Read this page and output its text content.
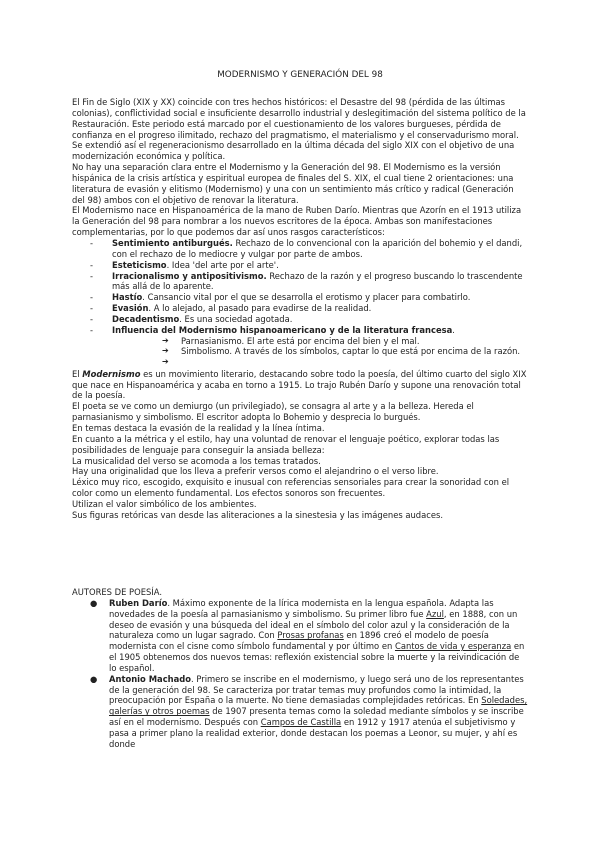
MODERNISMO Y GENERACIÓN DEL 98

El Fin de Siglo (XIX y XX) coincide con tres hechos históricos: el Desastre del 98 (pérdida de las últimas colonias), conflictividad social e insuficiente desarrollo industrial y deslegitimación del sistema político de la Restauración. Este periodo está marcado por el cuestionamiento de los valores burgueses, pérdida de confianza en el progreso ilimitado, rechazo del pragmatismo, el materialismo y el conservadurismo moral.

Se extendió así el regeneracionismo desarrollado en la última década del siglo XIX con el objetivo de una modernización económica y política.

No hay una separación clara entre el Modernismo y la Generación del 98. El Modernismo es la versión hispánica de la crisis artística y espiritual europea de finales del S. XIX, el cual tiene 2 orientaciones: una literatura de evasión y elitismo (Modernismo) y una con un sentimiento más crítico y radical (Generación del 98) ambos con el objetivo de renovar la literatura.

El Modernismo nace en Hispanoamérica de la mano de Ruben Darío. Mientras que Azorín en el 1913 utiliza la Generación del 98 para nombrar a los nuevos escritores de la época. Ambas son manifestaciones complementarias, por lo que podemos dar así unos rasgos característicos:

- Sentimiento antiburgués. Rechazo de lo convencional con la aparición del bohemio y el dandi, con el rechazo de lo mediocre y vulgar por parte de ambos.
- Esteticismo. Idea 'del arte por el arte'.
- Irracionalismo y antipositivismo. Rechazo de la razón y el progreso buscando lo trascendente más allá de lo aparente.
- Hastío. Cansancio vital por el que se desarrolla el erotismo y placer para combatirlo.
- Evasión. A lo alejado, al pasado para evadirse de la realidad.
- Decadentismo. Es una sociedad agotada.
- Influencia del Modernismo hispanoamericano y de la literatura francesa.
➔ Parnasianismo. El arte está por encima del bien y el mal.
➔ Simbolismo. A través de los símbolos, captar lo que está por encima de la razón.
➔

El Modernismo es un movimiento literario, destacando sobre todo la poesía, del último cuarto del siglo XIX que nace en Hispanoamérica y acaba en torno a 1915. Lo trajo Rubén Darío y supone una renovación total de la poesía.

El poeta se ve como un demiurgo (un privilegiado), se consagra al arte y a la belleza. Hereda el parnasianismo y simbolismo. El escritor adopta lo Bohemio y desprecia lo burgués.

En temas destaca la evasión de la realidad y la línea íntima.

En cuanto a la métrica y el estilo, hay una voluntad de renovar el lenguaje poético, explorar todas las posibilidades de lenguaje para conseguir la ansiada belleza:

La musicalidad del verso se acomoda a los temas tratados.

Hay una originalidad que los lleva a preferir versos como el alejandrino o el verso libre.

Léxico muy rico, escogido, exquisito e inusual con referencias sensoriales para crear la sonoridad con el color como un elemento fundamental. Los efectos sonoros son frecuentes.

Utilizan el valor simbólico de los ambientes.

Sus figuras retóricas van desde las aliteraciones a la sinestesia y las imágenes audaces.

AUTORES DE POESÍA.

● Ruben Darío. Máximo exponente de la lírica modernista en la lengua española. Adapta las novedades de la poesía al parnasianismo y simbolismo. Su primer libro fue Azul, en 1888, con un deseo de evasión y una búsqueda del ideal en el símbolo del color azul y la consideración de la naturaleza como un lugar sagrado. Con Prosas profanas en 1896 creó el modelo de poesía modernista con el cisne como símbolo fundamental y por último en Cantos de vida y esperanza en el 1905 obtenemos dos nuevos temas: reflexión existencial sobre la muerte y la reivindicación de lo español.
● Antonio Machado. Primero se inscribe en el modernismo, y luego será uno de los representantes de la generación del 98. Se caracteriza por tratar temas muy profundos como la intimidad, la preocupación por España o la muerte. No tiene demasiadas complejidades retóricas. En Soledades, galerías y otros poemas de 1907 presenta temas como la soledad mediante símbolos y se inscribe así en el modernismo. Después con Campos de Castilla en 1912 y 1917 atenúa el subjetivismo y pasa a primer plano la realidad exterior, donde destacan los poemas a Leonor, su mujer, y ahí es donde
